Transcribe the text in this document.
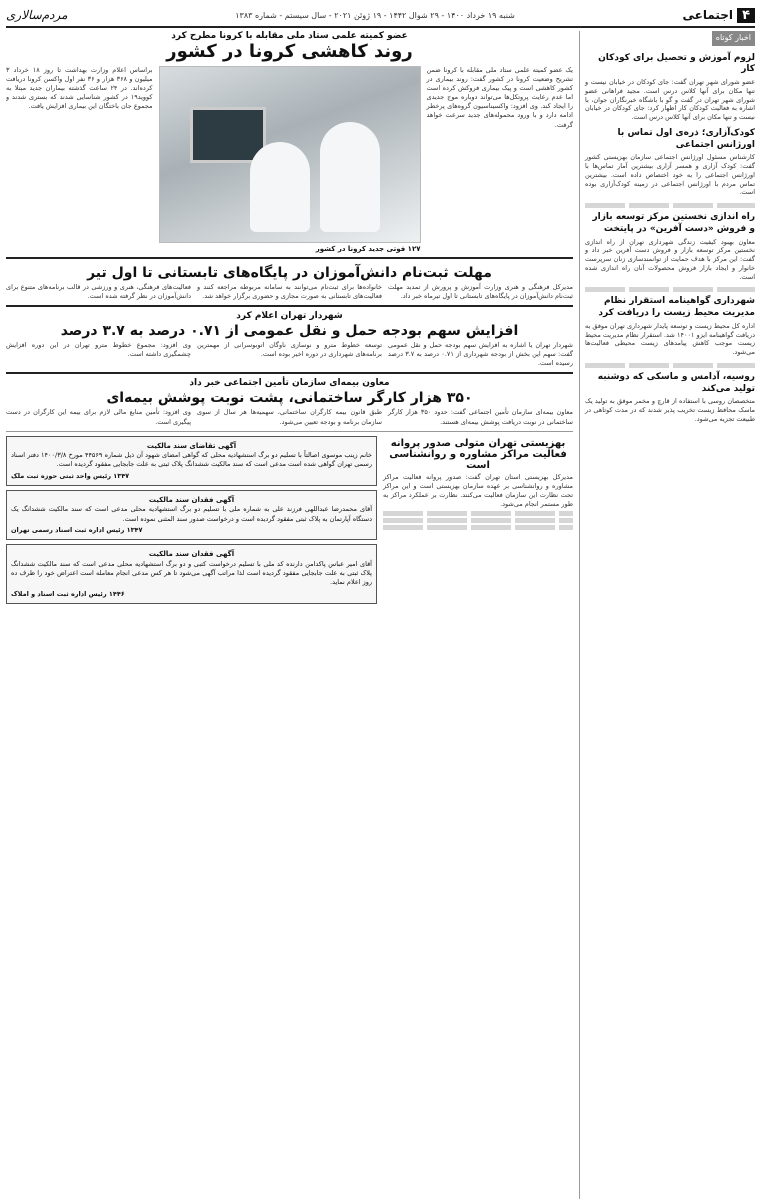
۴
اجتماعی
شنبه ۱۹ خرداد ۱۴۰۰ - ۲۹ شوال ۱۴۴۲ - ۱۹ ژوئن ۲۰۲۱ - سال سیستم - شماره ۱۳۸۳
مردم‌سالاری
اخبار کوتاه
لزوم آموزش و تحصیل برای کودکان کار

عضو شورای شهر تهران گفت: جای کودکان در خیابان نیست و تنها مکان برای آنها کلاس درس است. مجید فراهانی عضو شورای شهر تهران در گفت و گو با باشگاه خبرنگاران جوان، با اشاره به فعالیت کودکان کار اظهار کرد: جای کودکان در خیابان نیست و تنها مکان برای آنها کلاس درس است.

کودک‌آزاری؛ ذره‌ی اول تماس با اورژانس اجتماعی

کارشناس مسئول اورژانس اجتماعی سازمان بهزیستی کشور گفت: کودک آزاری و همسر آزاری بیشترین آمار تماس‌ها با اورژانس اجتماعی را به خود اختصاص داده است. بیشترین تماس مردم با اورژانس اجتماعی در زمینه کودک‌آزاری بوده است.

راه اندازی نخستین مرکز توسعه بازار و فروش «دست آفرین» در پایتخت

معاون بهبود کیفیت زندگی شهرداری تهران از راه اندازی نخستین مرکز توسعه بازار و فروش دست آفرین خبر داد و گفت: این مرکز با هدف حمایت از توانمندسازی زنان سرپرست خانوار و ایجاد بازار فروش محصولات آنان راه اندازی شده است.

شهرداری گواهینامه استقرار نظام مدیریت محیط زیست را دریافت کرد

اداره کل محیط زیست و توسعه پایدار شهرداری تهران موفق به دریافت گواهینامه ایزو ۱۴۰۰۱ شد. استقرار نظام مدیریت محیط زیست موجب کاهش پیامدهای زیست محیطی فعالیت‌ها می‌شود.

روسیه، آدامس و ماسکی که دوشنبه تولید می‌کند

متخصصان روسی با استفاده از قارچ و مخمر موفق به تولید یک ماسک محافظ زیست تخریب پذیر شدند که در مدت کوتاهی در طبیعت تجزیه می‌شود.

عضو کمیته علمی ستاد ملی مقابله با کرونا مطرح کرد

روند کاهشی کرونا در کشور
یک عضو کمیته علمی ستاد ملی مقابله با کرونا ضمن تشریح وضعیت کرونا در کشور گفت: روند بیماری در کشور کاهشی است و پیک بیماری فروکش کرده است اما عدم رعایت پروتکل‌ها می‌تواند دوباره موج جدیدی را ایجاد کند. وی افزود: واکسیناسیون گروه‌های پرخطر ادامه دارد و با ورود محموله‌های جدید سرعت خواهد گرفت.
۱۲۷ فوتی جدید کرونا در کشور
براساس اعلام وزارت بهداشت تا روز ۱۸ خرداد ۳ میلیون و ۳۶۸ هزار و ۳۶ نفر اول واکسن کرونا دریافت کرده‌اند. در ۲۴ ساعت گذشته بیماران جدید مبتلا به کووید۱۹ در کشور شناسایی شدند که بستری شدند و مجموع جان باختگان این بیماری افزایش یافت.
مهلت ثبت‌نام دانش‌آموزان در پایگاه‌های تابستانی تا اول تیر
مدیرکل فرهنگی و هنری وزارت آموزش و پرورش از تمدید مهلت ثبت‌نام دانش‌آموزان در پایگاه‌های تابستانی تا اول تیرماه خبر داد.
خانواده‌ها برای ثبت‌نام می‌توانند به سامانه مربوطه مراجعه کنند و فعالیت‌های تابستانی به صورت مجازی و حضوری برگزار خواهد شد.
فعالیت‌های فرهنگی، هنری و ورزشی در قالب برنامه‌های متنوع برای دانش‌آموزان در نظر گرفته شده است.

شهردار تهران اعلام کرد

افزایش سهم بودجه حمل و نقل عمومی از ۰.۷۱ درصد به ۳.۷ درصد
شهردار تهران با اشاره به افزایش سهم بودجه حمل و نقل عمومی گفت: سهم این بخش از بودجه شهرداری از ۰.۷۱ درصد به ۳.۷ درصد رسیده است.
توسعه خطوط مترو و نوسازی ناوگان اتوبوسرانی از مهمترین برنامه‌های شهرداری در دوره اخیر بوده است.
وی افزود: مجموع خطوط مترو تهران در این دوره افزایش چشمگیری داشته است.

معاون بیمه‌ای سازمان تأمین اجتماعی خبر داد

۳۵۰ هزار کارگر ساختمانی، پشت نوبت پوشش بیمه‌ای
معاون بیمه‌ای سازمان تأمین اجتماعی گفت: حدود ۳۵۰ هزار کارگر ساختمانی در نوبت دریافت پوشش بیمه‌ای هستند.
طبق قانون بیمه کارگران ساختمانی، سهمیه‌ها هر سال از سوی سازمان برنامه و بودجه تعیین می‌شود.
وی افزود: تأمین منابع مالی لازم برای بیمه این کارگران در دست پیگیری است.
بهزیستی تهران متولی صدور پروانه فعالیت مراکز مشاوره و روانشناسی است
مدیرکل بهزیستی استان تهران گفت: صدور پروانه فعالیت مراکز مشاوره و روانشناسی بر عهده سازمان بهزیستی است و این مراکز تحت نظارت این سازمان فعالیت می‌کنند. نظارت بر عملکرد مراکز به طور مستمر انجام می‌شود.
آگهی تقاضای سند مالکیت
خانم زینب موسوی اصالتاً با تسلیم دو برگ استشهادیه محلی که گواهی امضای شهود آن ذیل شماره ۴۴۵۶۹ مورخ ۱۴۰۰/۳/۸ دفتر اسناد رسمی تهران گواهی شده است مدعی است که سند مالکیت ششدانگ پلاک ثبتی به علت جابجایی مفقود گردیده است.
۱۳۴۷ رئیس واحد ثبتی حوزه ثبت ملک
آگهی فقدان سند مالکیت
آقای محمدرضا عبداللهی فرزند علی به شماره ملی با تسلیم دو برگ استشهادیه محلی مدعی است که سند مالکیت ششدانگ یک دستگاه آپارتمان به پلاک ثبتی مفقود گردیده است و درخواست صدور سند المثنی نموده است.
۱۳۴۷ رئیس اداره ثبت اسناد رسمی تهران
آگهی فقدان سند مالکیت
آقای امیر عباس پاکدامن دارنده کد ملی با تسلیم درخواست کتبی و دو برگ استشهادیه محلی مدعی است که سند مالکیت ششدانگ پلاک ثبتی به علت جابجایی مفقود گردیده است لذا مراتب آگهی می‌شود تا هر کس مدعی انجام معامله است اعتراض خود را ظرف ده روز اعلام نماید.
۱۴۴۶ رئیس اداره ثبت اسناد و املاک
